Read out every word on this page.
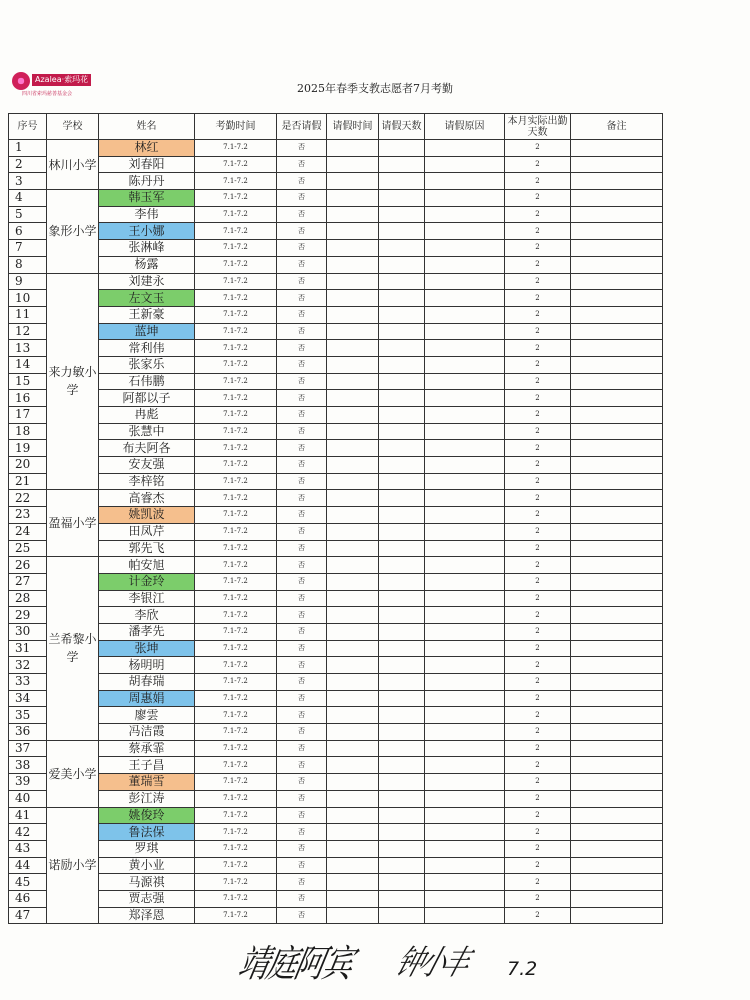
Azalea·索玛花
四川省索玛慈善基金会	2025年春季支教志愿者7月考勤
序号	学校	姓名	考勤时间	是否请假	请假时间	请假天数	请假原因	本月实际出勤天数	备注
1	林川小学	林红	7.1-7.2	否				2	
2		刘春阳	7.1-7.2	否				2	
3		陈丹丹	7.1-7.2	否				2	
4	象形小学	韩玉军	7.1-7.2	否				2	
5		李伟	7.1-7.2	否				2	
6		王小娜	7.1-7.2	否				2	
7		张淋峰	7.1-7.2	否				2	
8		杨露	7.1-7.2	否				2	
9	来力敏小学	刘建永	7.1-7.2	否				2	
10		左文玉	7.1-7.2	否				2	
11		王新豪	7.1-7.2	否				2	
12		蓝坤	7.1-7.2	否				2	
13		常利伟	7.1-7.2	否				2	
14		张家乐	7.1-7.2	否				2	
15		石伟鹏	7.1-7.2	否				2	
16		阿都以子	7.1-7.2	否				2	
17		冉彪	7.1-7.2	否				2	
18		张慧中	7.1-7.2	否				2	
19		布夫阿各	7.1-7.2	否				2	
20		安友强	7.1-7.2	否				2	
21		李梓铭	7.1-7.2	否				2	
22	盈福小学	高睿杰	7.1-7.2	否				2	
23		姚凯波	7.1-7.2	否				2	
24		田凤芹	7.1-7.2	否				2	
25		郭先飞	7.1-7.2	否				2	
26	兰希黎小学	帕安旭	7.1-7.2	否				2	
27		计金玲	7.1-7.2	否				2	
28		李银江	7.1-7.2	否				2	
29		李欣	7.1-7.2	否				2	
30		潘孝先	7.1-7.2	否				2	
31		张坤	7.1-7.2	否				2	
32		杨明明	7.1-7.2	否				2	
33		胡春瑞	7.1-7.2	否				2	
34		周惠娟	7.1-7.2	否				2	
35		廖雲	7.1-7.2	否				2	
36		冯洁霞	7.1-7.2	否				2	
37	爱美小学	蔡承霏	7.1-7.2	否				2	
38		王子昌	7.1-7.2	否				2	
39		董瑞雪	7.1-7.2	否				2	
40		彭江涛	7.1-7.2	否				2	
41	诺励小学	姚俊玲	7.1-7.2	否				2	
42		鲁法保	7.1-7.2	否				2	
43		罗琪	7.1-7.2	否				2	
44		黄小业	7.1-7.2	否				2	
45		马源祺	7.1-7.2	否				2	
46		贾志强	7.1-7.2	否				2	
47		郑泽恩	7.1-7.2	否				2	
靖庭阿宾 钟小丰 7.2
